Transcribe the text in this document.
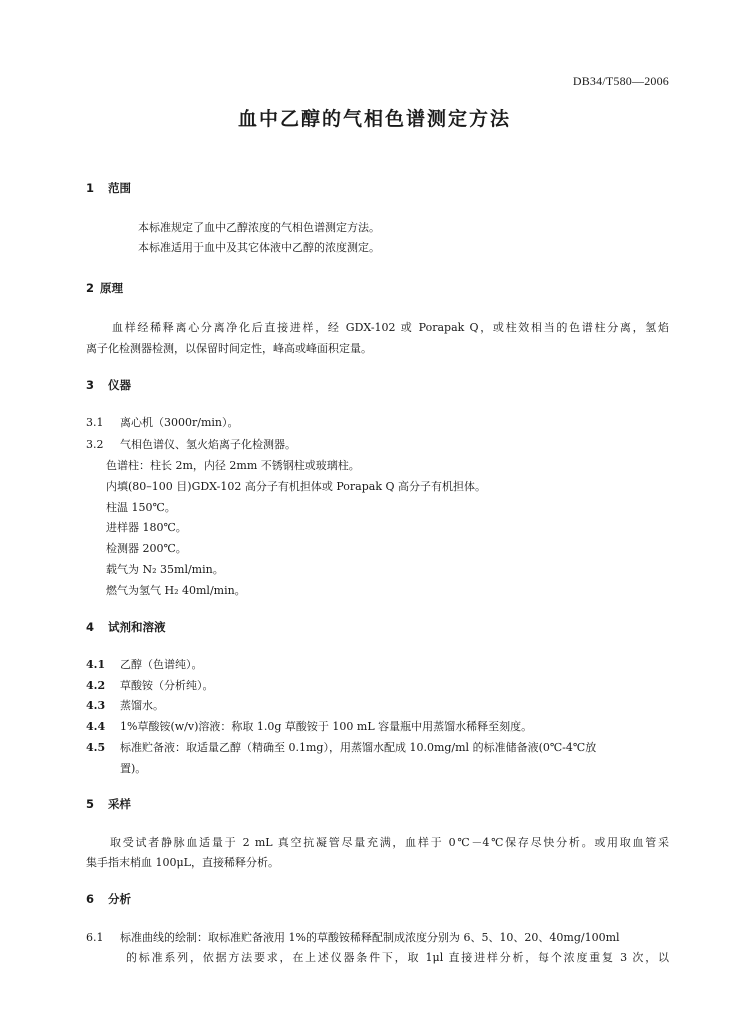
DB34/T580—2006
血中乙醇的气相色谱测定方法
1 范围
本标准规定了血中乙醇浓度的气相色谱测定方法。
本标准适用于血中及其它体液中乙醇的浓度测定。
2 原理
血样经稀释离心分离净化后直接进样，经 GDX-102 或 Porapak Q，或柱效相当的色谱柱分离，氢焰
离子化检测器检测，以保留时间定性，峰高或峰面积定量。
3 仪器
3.1 离心机（3000r/min）。
3.2 气相色谱仪、氢火焰离子化检测器。
色谱柱：柱长 2m，内径 2mm 不锈钢柱或玻璃柱。
内填(80–100 目)GDX-102 高分子有机担体或 Porapak Q 高分子有机担体。
柱温 150℃。
进样器 180℃。
检测器 200℃。
载气为 N₂ 35ml/min。
燃气为氢气 H₂ 40ml/min。
4 试剂和溶液
4.1 乙醇（色谱纯）。
4.2 草酸铵（分析纯）。
4.3 蒸馏水。
4.4 1%草酸铵(w/v)溶液：称取 1.0g 草酸铵于 100 mL 容量瓶中用蒸馏水稀释至刻度。
4.5 标准贮备液：取适量乙醇（精确至 0.1mg），用蒸馏水配成 10.0mg/ml 的标准储备液(0℃-4℃放
置)。
5 采样
取受试者静脉血适量于 2 mL 真空抗凝管尽量充满，血样于 0℃－4℃保存尽快分析。或用取血管采
集手指末梢血 100μL，直接稀释分析。
6 分析
6.1 标准曲线的绘制：取标准贮备液用 1%的草酸铵稀释配制成浓度分别为 6、5、10、20、40mg/100ml
的标准系列，依据方法要求，在上述仪器条件下，取 1μl 直接进样分析，每个浓度重复 3 次，以
